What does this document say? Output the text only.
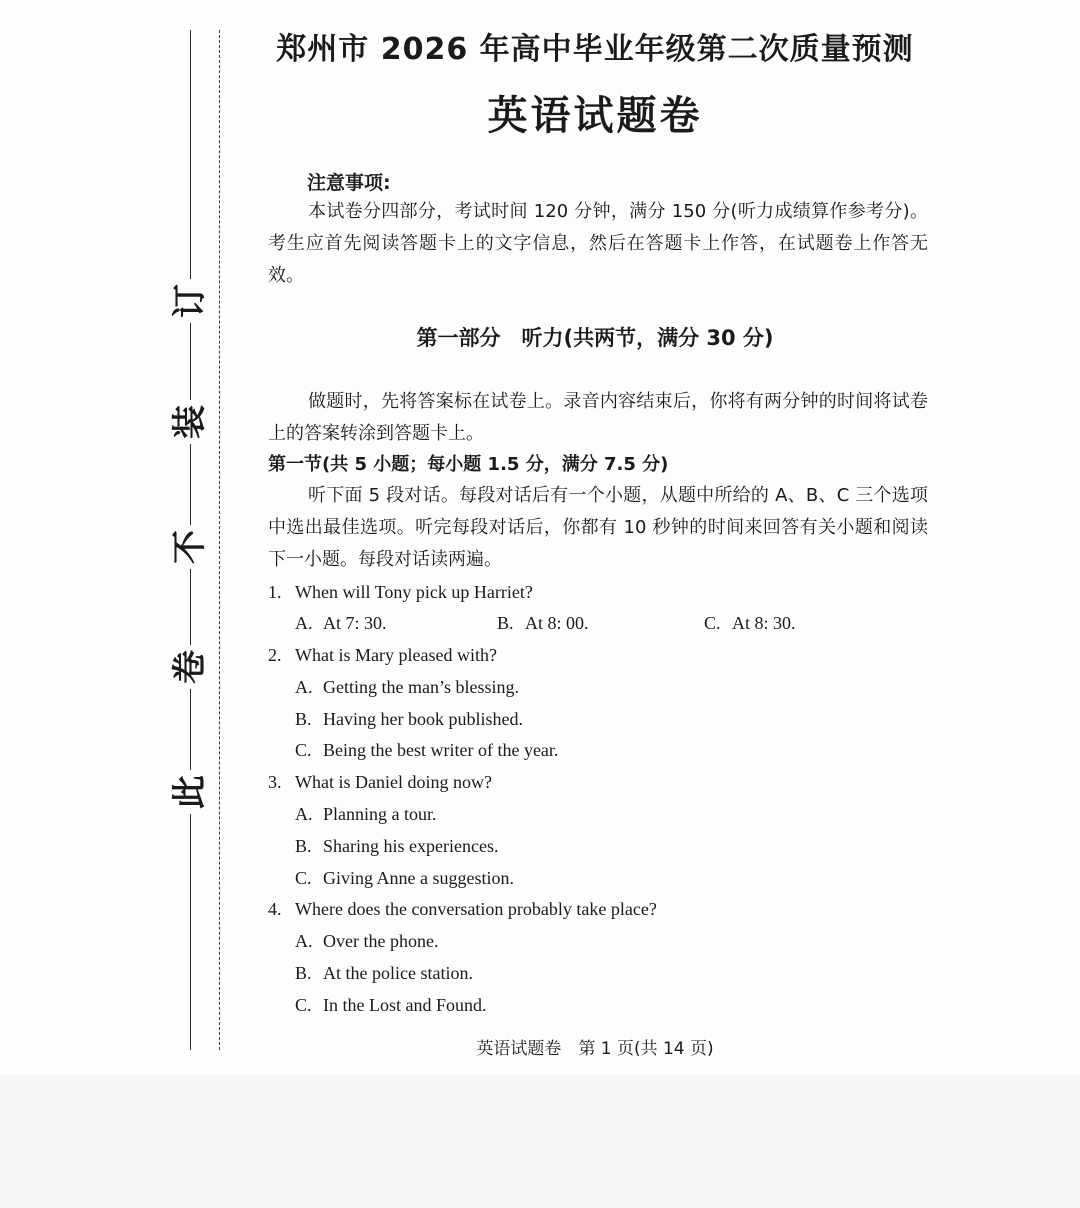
订
装
不
卷
此
郑州市 2026 年高中毕业年级第二次质量预测
英语试题卷
注意事项:
本试卷分四部分，考试时间 120 分钟，满分 150 分(听力成绩算作参考分)。考生应首先阅读答题卡上的文字信息，然后在答题卡上作答，在试题卷上作答无效。
第一部分　听力(共两节，满分 30 分)
做题时，先将答案标在试卷上。录音内容结束后，你将有两分钟的时间将试卷上的答案转涂到答题卡上。
第一节(共 5 小题；每小题 1.5 分，满分 7.5 分)
听下面 5 段对话。每段对话后有一个小题，从题中所给的 A、B、C 三个选项中选出最佳选项。听完每段对话后，你都有 10 秒钟的时间来回答有关小题和阅读下一小题。每段对话读两遍。
1. When will Tony pick up Harriet?
A. At 7: 30.	B. At 8: 00.	C. At 8: 30.
2. What is Mary pleased with?
A. Getting the man’s blessing.
B. Having her book published.
C. Being the best writer of the year.
3. What is Daniel doing now?
A. Planning a tour.
B. Sharing his experiences.
C. Giving Anne a suggestion.
4. Where does the conversation probably take place?
A. Over the phone.
B. At the police station.
C. In the Lost and Found.
英语试题卷　第 1 页(共 14 页)
